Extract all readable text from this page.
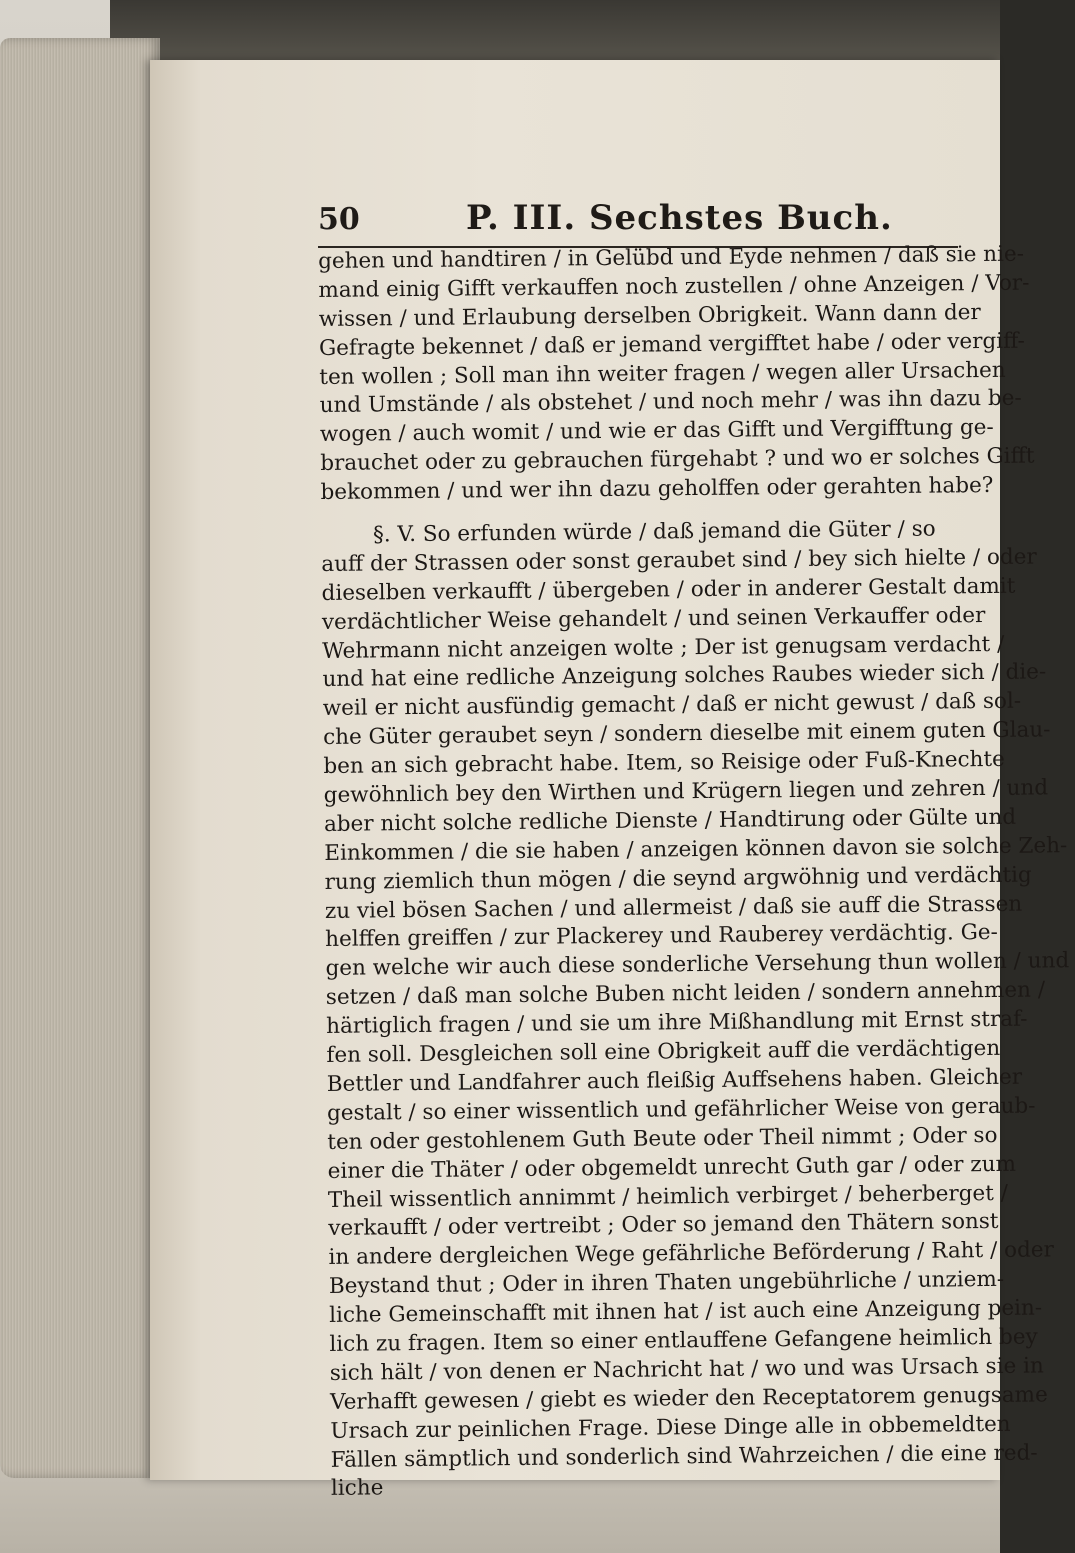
50	P. III. Sechstes Buch.
gehen und handtiren / in Gelübd und Eyde nehmen / daß sie nie-
mand einig Gifft verkauffen noch zustellen / ohne Anzeigen / Vor-
wissen / und Erlaubung derselben Obrigkeit. Wann dann der
Gefragte bekennet / daß er jemand vergifftet habe / oder vergiff-
ten wollen ; Soll man ihn weiter fragen / wegen aller Ursachen
und Umstände / als obstehet / und noch mehr / was ihn dazu be-
wogen / auch womit / und wie er das Gifft und Vergifftung ge-
brauchet oder zu gebrauchen fürgehabt ? und wo er solches Gifft
bekommen / und wer ihn dazu geholffen oder gerahten habe?
§. V. So erfunden würde / daß jemand die Güter / so
auff der Strassen oder sonst geraubet sind / bey sich hielte / oder
dieselben verkaufft / übergeben / oder in anderer Gestalt damit
verdächtlicher Weise gehandelt / und seinen Verkauffer oder
Wehrmann nicht anzeigen wolte ; Der ist genugsam verdacht /
und hat eine redliche Anzeigung solches Raubes wieder sich / die-
weil er nicht ausfündig gemacht / daß er nicht gewust / daß sol-
che Güter geraubet seyn / sondern dieselbe mit einem guten Glau-
ben an sich gebracht habe. Item, so Reisige oder Fuß-Knechte
gewöhnlich bey den Wirthen und Krügern liegen und zehren / und
aber nicht solche redliche Dienste / Handtirung oder Gülte und
Einkommen / die sie haben / anzeigen können davon sie solche Zeh-
rung ziemlich thun mögen / die seynd argwöhnig und verdächtig
zu viel bösen Sachen / und allermeist / daß sie auff die Strassen
helffen greiffen / zur Plackerey und Rauberey verdächtig. Ge-
gen welche wir auch diese sonderliche Versehung thun wollen / und
setzen / daß man solche Buben nicht leiden / sondern annehmen /
härtiglich fragen / und sie um ihre Mißhandlung mit Ernst straf-
fen soll. Desgleichen soll eine Obrigkeit auff die verdächtigen
Bettler und Landfahrer auch fleißig Auffsehens haben. Gleicher
gestalt / so einer wissentlich und gefährlicher Weise von geraub-
ten oder gestohlenem Guth Beute oder Theil nimmt ; Oder so
einer die Thäter / oder obgemeldt unrecht Guth gar / oder zum
Theil wissentlich annimmt / heimlich verbirget / beherberget /
verkaufft / oder vertreibt ; Oder so jemand den Thätern sonst
in andere dergleichen Wege gefährliche Beförderung / Raht / oder
Beystand thut ; Oder in ihren Thaten ungebührliche / unziem-
liche Gemeinschafft mit ihnen hat / ist auch eine Anzeigung pein-
lich zu fragen. Item so einer entlauffene Gefangene heimlich bey
sich hält / von denen er Nachricht hat / wo und was Ursach sie in
Verhafft gewesen / giebt es wieder den Receptatorem genugsame
Ursach zur peinlichen Frage. Diese Dinge alle in obbemeldten
Fällen sämptlich und sonderlich sind Wahrzeichen / die eine red-
liche
